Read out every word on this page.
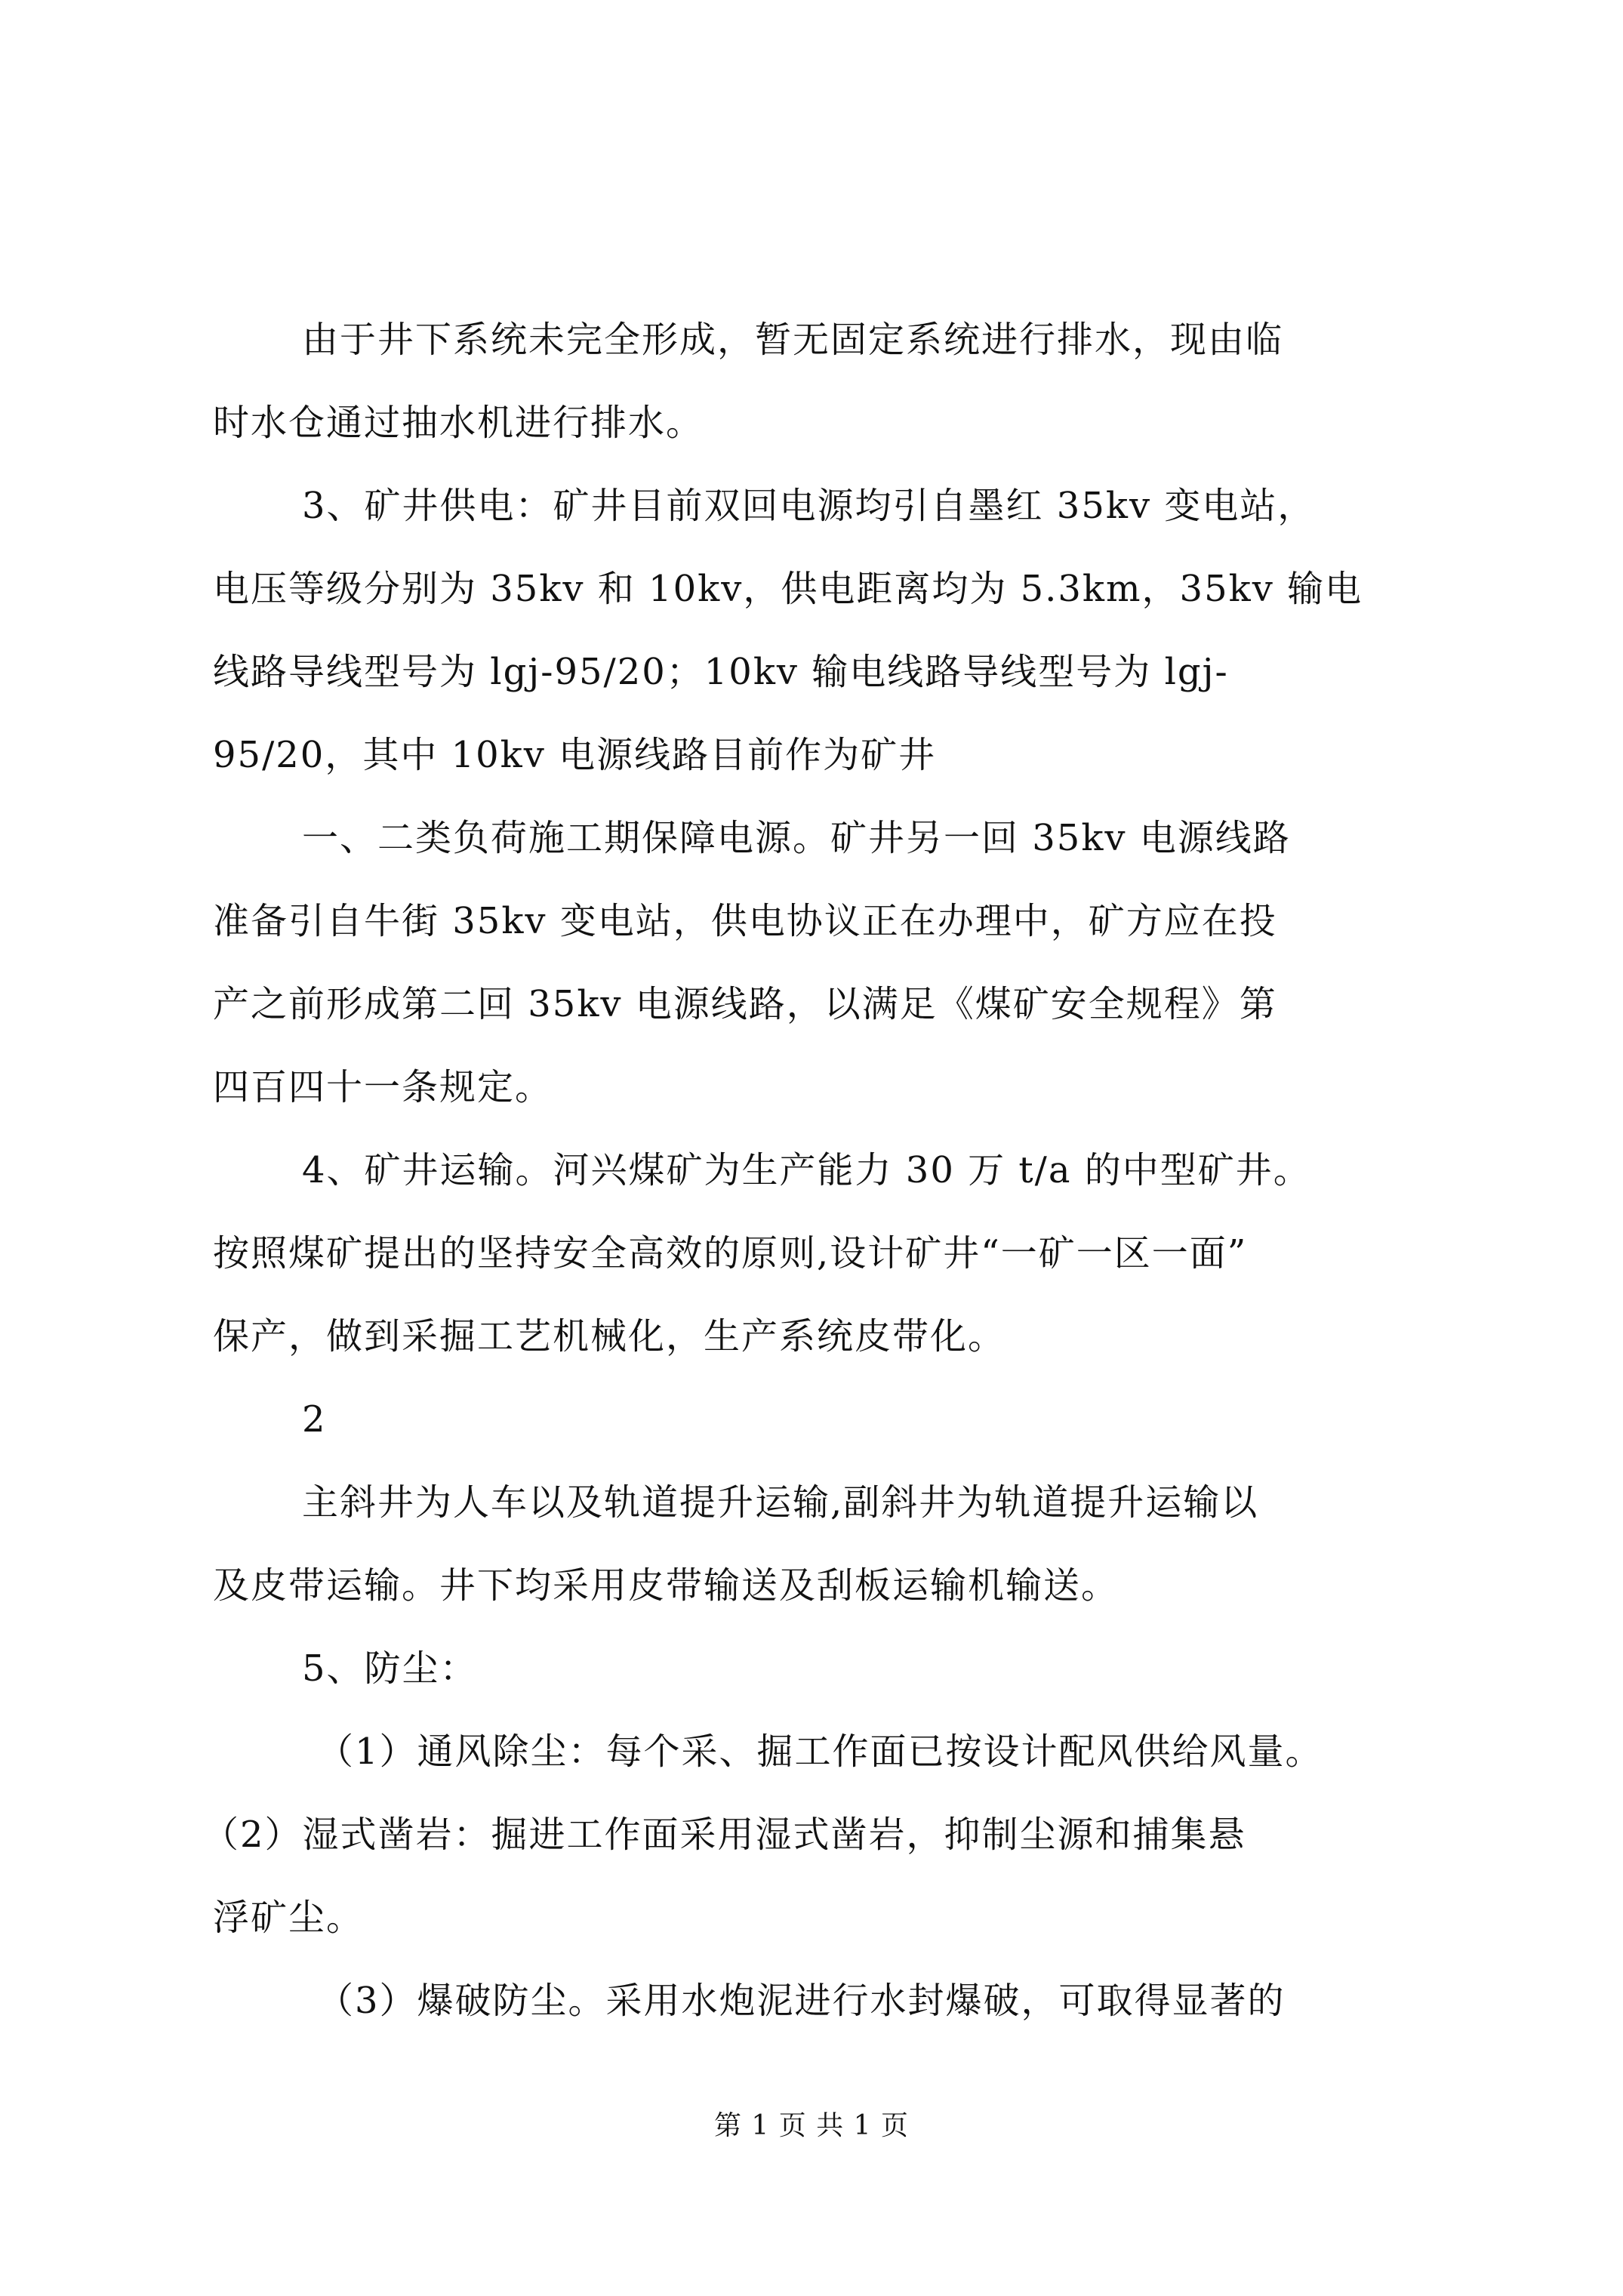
由于井下系统未完全形成，暂无固定系统进行排水，现由临
时水仓通过抽水机进行排水。
3、矿井供电：矿井目前双回电源均引自墨红 35kv 变电站，
电压等级分别为 35kv 和 10kv，供电距离均为 5.3km，35kv 输电
线路导线型号为 lgj-95/20；10kv 输电线路导线型号为 lgj-
95/20，其中 10kv 电源线路目前作为矿井
一、二类负荷施工期保障电源。矿井另一回 35kv 电源线路
准备引自牛街 35kv 变电站，供电协议正在办理中，矿方应在投
产之前形成第二回 35kv 电源线路，以满足《煤矿安全规程》第
四百四十一条规定。
4、矿井运输。河兴煤矿为生产能力 30 万 t/a 的中型矿井。
按照煤矿提出的坚持安全高效的原则,设计矿井“一矿一区一面”
保产，做到采掘工艺机械化，生产系统皮带化。
2
主斜井为人车以及轨道提升运输,副斜井为轨道提升运输以
及皮带运输。井下均采用皮带输送及刮板运输机输送。
5、防尘：
（1）通风除尘：每个采、掘工作面已按设计配风供给风量。
（2）湿式凿岩：掘进工作面采用湿式凿岩，抑制尘源和捕集悬
浮矿尘。
（3）爆破防尘。采用水炮泥进行水封爆破，可取得显著的
第 1 页 共 1 页
